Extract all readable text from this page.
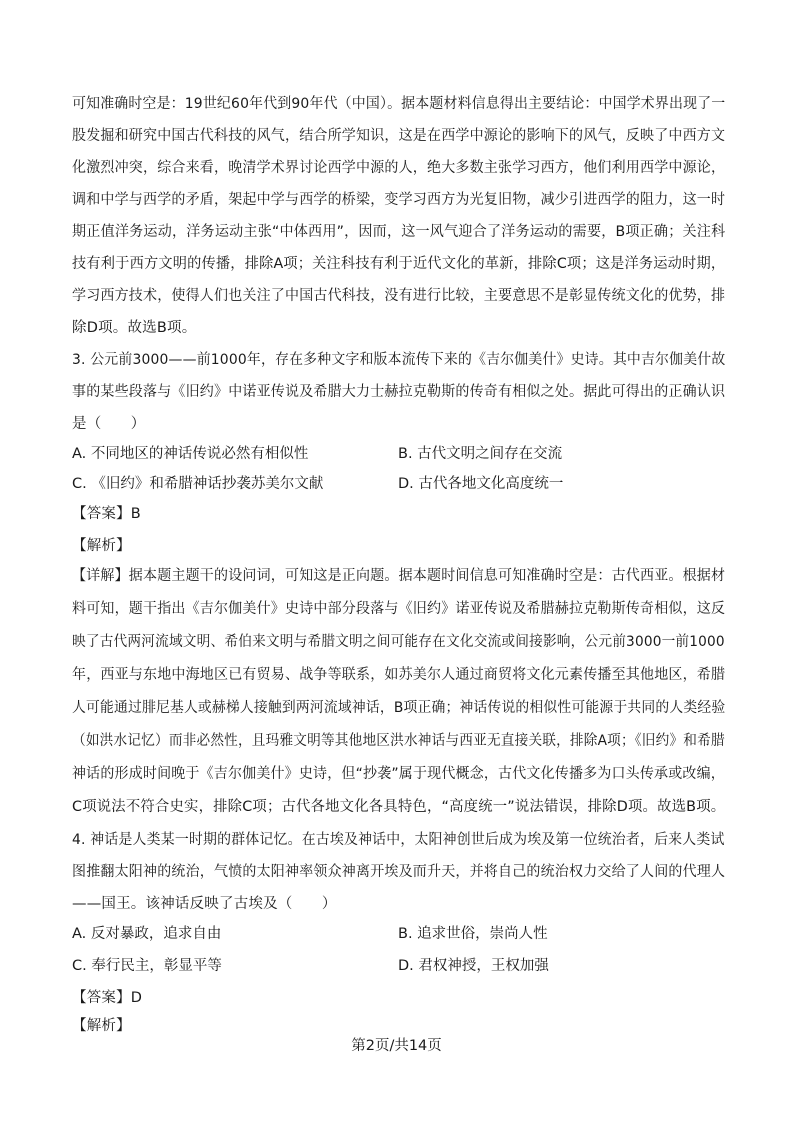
可知准确时空是：19世纪60年代到90年代（中国）。据本题材料信息得出主要结论：中国学术界出现了一
股发掘和研究中国古代科技的风气，结合所学知识，这是在西学中源论的影响下的风气，反映了中西方文
化激烈冲突，综合来看，晚清学术界讨论西学中源的人，绝大多数主张学习西方，他们利用西学中源论，
调和中学与西学的矛盾，架起中学与西学的桥梁，变学习西方为光复旧物，减少引进西学的阻力，这一时
期正值洋务运动，洋务运动主张“中体西用”，因而，这一风气迎合了洋务运动的需要，B项正确；关注科
技有利于西方文明的传播，排除A项；关注科技有利于近代文化的革新，排除C项；这是洋务运动时期，
学习西方技术，使得人们也关注了中国古代科技，没有进行比较，主要意思不是彰显传统文化的优势，排
除D项。故选B项。
3. 公元前3000——前1000年，存在多种文字和版本流传下来的《吉尔伽美什》史诗。其中吉尔伽美什故
事的某些段落与《旧约》中诺亚传说及希腊大力士赫拉克勒斯的传奇有相似之处。据此可得出的正确认识
是（　　）
A. 不同地区的神话传说必然有相似性	B. 古代文明之间存在交流
C. 《旧约》和希腊神话抄袭苏美尔文献	D. 古代各地文化高度统一
【答案】B
【解析】
【详解】据本题主题干的设问词，可知这是正向题。据本题时间信息可知准确时空是：古代西亚。根据材
料可知，题干指出《吉尔伽美什》史诗中部分段落与《旧约》诺亚传说及希腊赫拉克勒斯传奇相似，这反
映了古代两河流域文明、希伯来文明与希腊文明之间可能存在文化交流或间接影响，公元前3000一前1000
年，西亚与东地中海地区已有贸易、战争等联系，如苏美尔人通过商贸将文化元素传播至其他地区，希腊
人可能通过腓尼基人或赫梯人接触到两河流域神话，B项正确；神话传说的相似性可能源于共同的人类经验
（如洪水记忆）而非必然性，且玛雅文明等其他地区洪水神话与西亚无直接关联，排除A项；《旧约》和希腊
神话的形成时间晚于《吉尔伽美什》史诗，但“抄袭”属于现代概念，古代文化传播多为口头传承或改编，
C项说法不符合史实，排除C项；古代各地文化各具特色，“高度统一”说法错误，排除D项。故选B项。
4. 神话是人类某一时期的群体记忆。在古埃及神话中，太阳神创世后成为埃及第一位统治者，后来人类试
图推翻太阳神的统治，气愤的太阳神率领众神离开埃及而升天，并将自己的统治权力交给了人间的代理人
——国王。该神话反映了古埃及（　　）
A. 反对暴政，追求自由	B. 追求世俗，崇尚人性
C. 奉行民主，彰显平等	D. 君权神授，王权加强
【答案】D
【解析】
第2页/共14页
